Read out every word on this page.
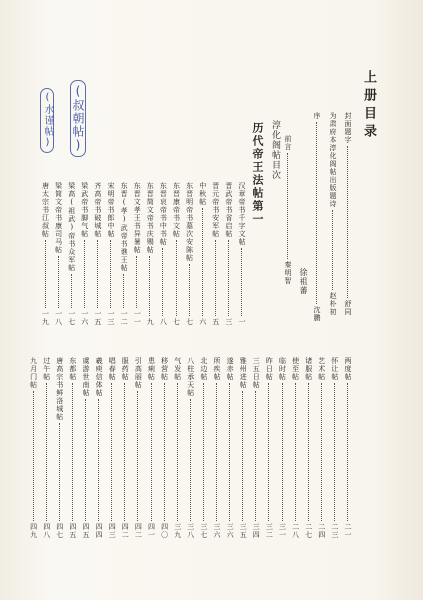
上册目录
封面题字
舒同
为肃府本淳化阁帖出版题诗
赵朴初
序
沈鹏
徐祖蕃
前言
秦明智
淳化阁帖目次
历代帝王法帖第一
汉章帝书千字文帖
一
晋武帝书省启帖
三
晋元帝书安军帖
五
中秋帖
六
东晋明帝书墓次安陈帖
七
东晋康帝书文帖
七
东晋哀帝书中书帖
八
东晋简文帝书庆赐帖
九
东晋文孝王书异暑帖
一一
东晋(孝)武帝书谯王帖
一二
宋明帝书郎中帖
一三
齐高帝书破城帖
一五
梁武帝书脚气帖
一六
梁高(祖武)帝书众军帖
一七
梁简文帝书康司马帖
一八
唐太宗书江叔帖
一九
两度帖
二一
怀让帖
二三
艺术帖
二四
诸服帖
二七
使至帖
二八
临时帖
三一
昨日帖
三二
三五日帖
三四
雅州进帖
三五
遂赤帖
三六
所疾帖
三六
北边帖
三七
八柱承天帖
三八
气发帖
三九
移营帖
四〇
患痢帖
四一
引高丽帖
四二
服药帖
四二
唱春帖
四三
羲庾信体帖
四四
虞游世南帖
四五
东都帖
四五
唐高宗书鲜洛城帖
四七
过午帖
四八
九月门帖
四九
(叔朝帖)
(水谨帖)
